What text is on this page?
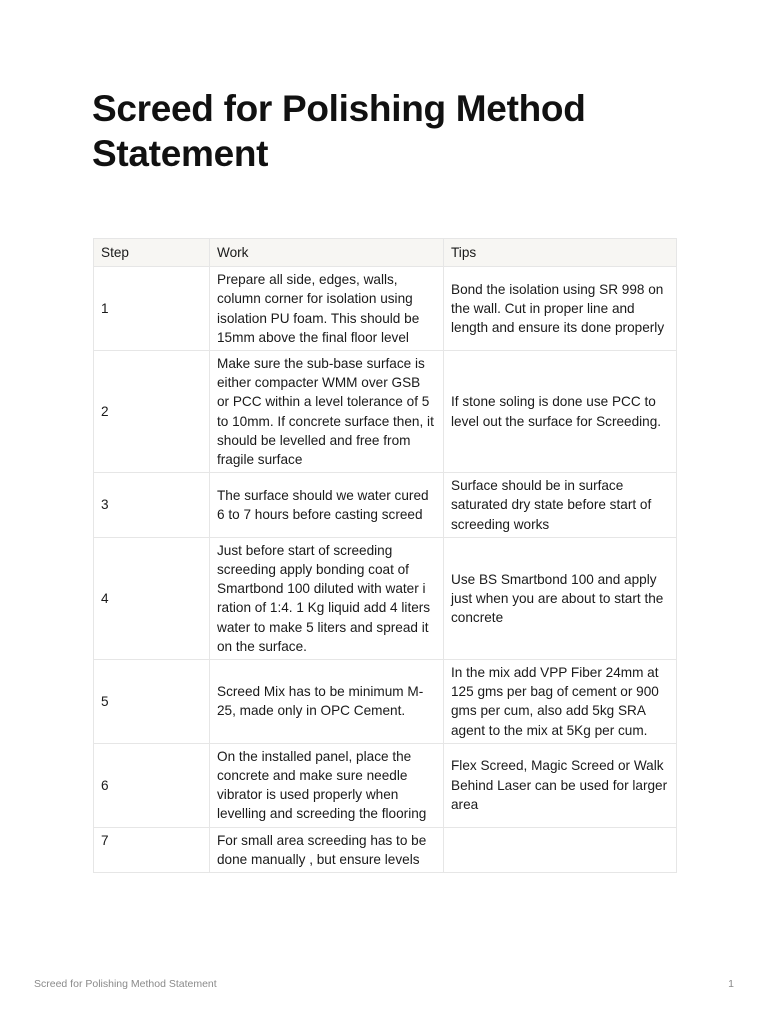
Screed for Polishing Method Statement
Step	Work	Tips
1	Prepare all side, edges, walls, column corner for isolation using isolation PU foam. This should be 15mm above the final floor level	Bond the isolation using SR 998 on the wall. Cut in proper line and length and ensure its done properly
2	Make sure the sub-base surface is either compacter WMM over GSB or PCC within a level tolerance of 5 to 10mm. If concrete surface then, it should be levelled and free from fragile surface	If stone soling is done use PCC to level out the surface for Screeding.
3	The surface should we water cured 6 to 7 hours before casting screed	Surface should be in surface saturated dry state before start of screeding works
4	Just before start of screeding screeding apply bonding coat of Smartbond 100 diluted with water i ration of 1:4. 1 Kg liquid add 4 liters water to make 5 liters and spread it on the surface.	Use BS Smartbond 100 and apply just when you are about to start the concrete
5	Screed Mix has to be minimum M-25, made only in OPC Cement.	In the mix add VPP Fiber 24mm at 125 gms per bag of cement or 900 gms per cum, also add 5kg SRA agent to the mix at 5Kg per cum.
6	On the installed panel, place the concrete and make sure needle vibrator is used properly when levelling and screeding the flooring	Flex Screed, Magic Screed or Walk Behind Laser can be used for larger area
7	For small area screeding has to be done manually , but ensure levels	
Screed for Polishing Method Statement	1
